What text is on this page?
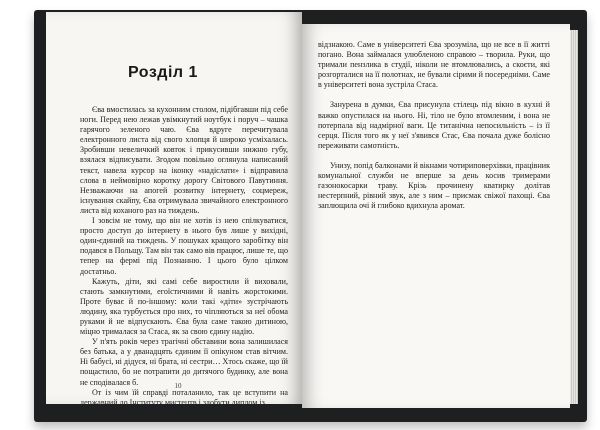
Розділ 1

Єва вмостилась за кухонним столом, підібгавши під себе ноги. Перед нею лежав увімкнутий ноутбук і поруч – чашка гарячого зеленого чаю. Єва вдруге перечитувала електронного листа від свого хлопця й широко усміхалась. Зробивши невеличкий ковток і прикусивши нижню губу, взялася відписувати. Згодом повільно оглянула написаний текст, навела курсор на іконку «надіслати» і відправила слова в неймовірно коротку дорогу Світового Павутиння. Незважаючи на апогей розвитку інтернету, соцмереж, існування скайпу, Єва отримувала звичайного електронного листа від коханого раз на тиждень.

І зовсім не тому, що він не хотів із нею спілкуватися, просто доступ до інтернету в нього був лише у вихідні, один-єдиний на тиждень. У пошуках кращого заробітку він подався в Польщу. Там він так само вів працює, лише те, що тепер на фермі під Познанню. І цього було цілком достатньо.

Кажуть, діти, які самі себе виростили й виховали, стають замкнутими, егоїстичними й навіть жорстокими. Проте буває й по-іншому: коли такі «діти» зустрічають людину, яка турбується про них, то чіпляються за неї обома руками й не відпускають. Єва була саме такою дитиною, міцно трималася за Стаса, як за свою єдину надію.

У п'ять років через трагічні обставини вона залишилася без батька, а у дванадцять єдиним її опікуном став вітчим. Ні бабусі, ні дідуся, ні брата, ні сестри… Хтось скаже, що їй пощастило, бо не потрапити до дитячого будинку, але вона не сподівалася б.

От із чим їй справді поталанило, так це вступити на державний до Інституту мистецтв і здобути диплом із

10

відзнакою. Саме в університеті Єва зрозуміла, що не все в її житті погано. Вона займалася улюбленою справою – творила. Руки, що тримали пензлика в студії, ніколи не втомлювались, а скоєти, які розгорталися на її полотнах, не бували сірими й посередніми. Саме в університеті вона зустріла Стаса.

Занурена в думки, Єва присунула стілець під вікно в кухні й важко опустилася на нього. Ні, тіло не було втомленим, і вона не потерпала від надмірної ваги. Це титанічна непосильність – із її серця. Після того як у неї з'явився Стас, Єва почала дуже болісно переживати самотність.

Унизу, попід балконами й вікнами чотириповерхівки, працівник комунальної служби не вперше за день косив тримерами газонокосарки траву. Крізь прочинену кватирку долітав нестерпний, рівний звук, але з ним – присмак свіжої пахощі. Єва заплющила очі й глибоко вдихнула аромат.
